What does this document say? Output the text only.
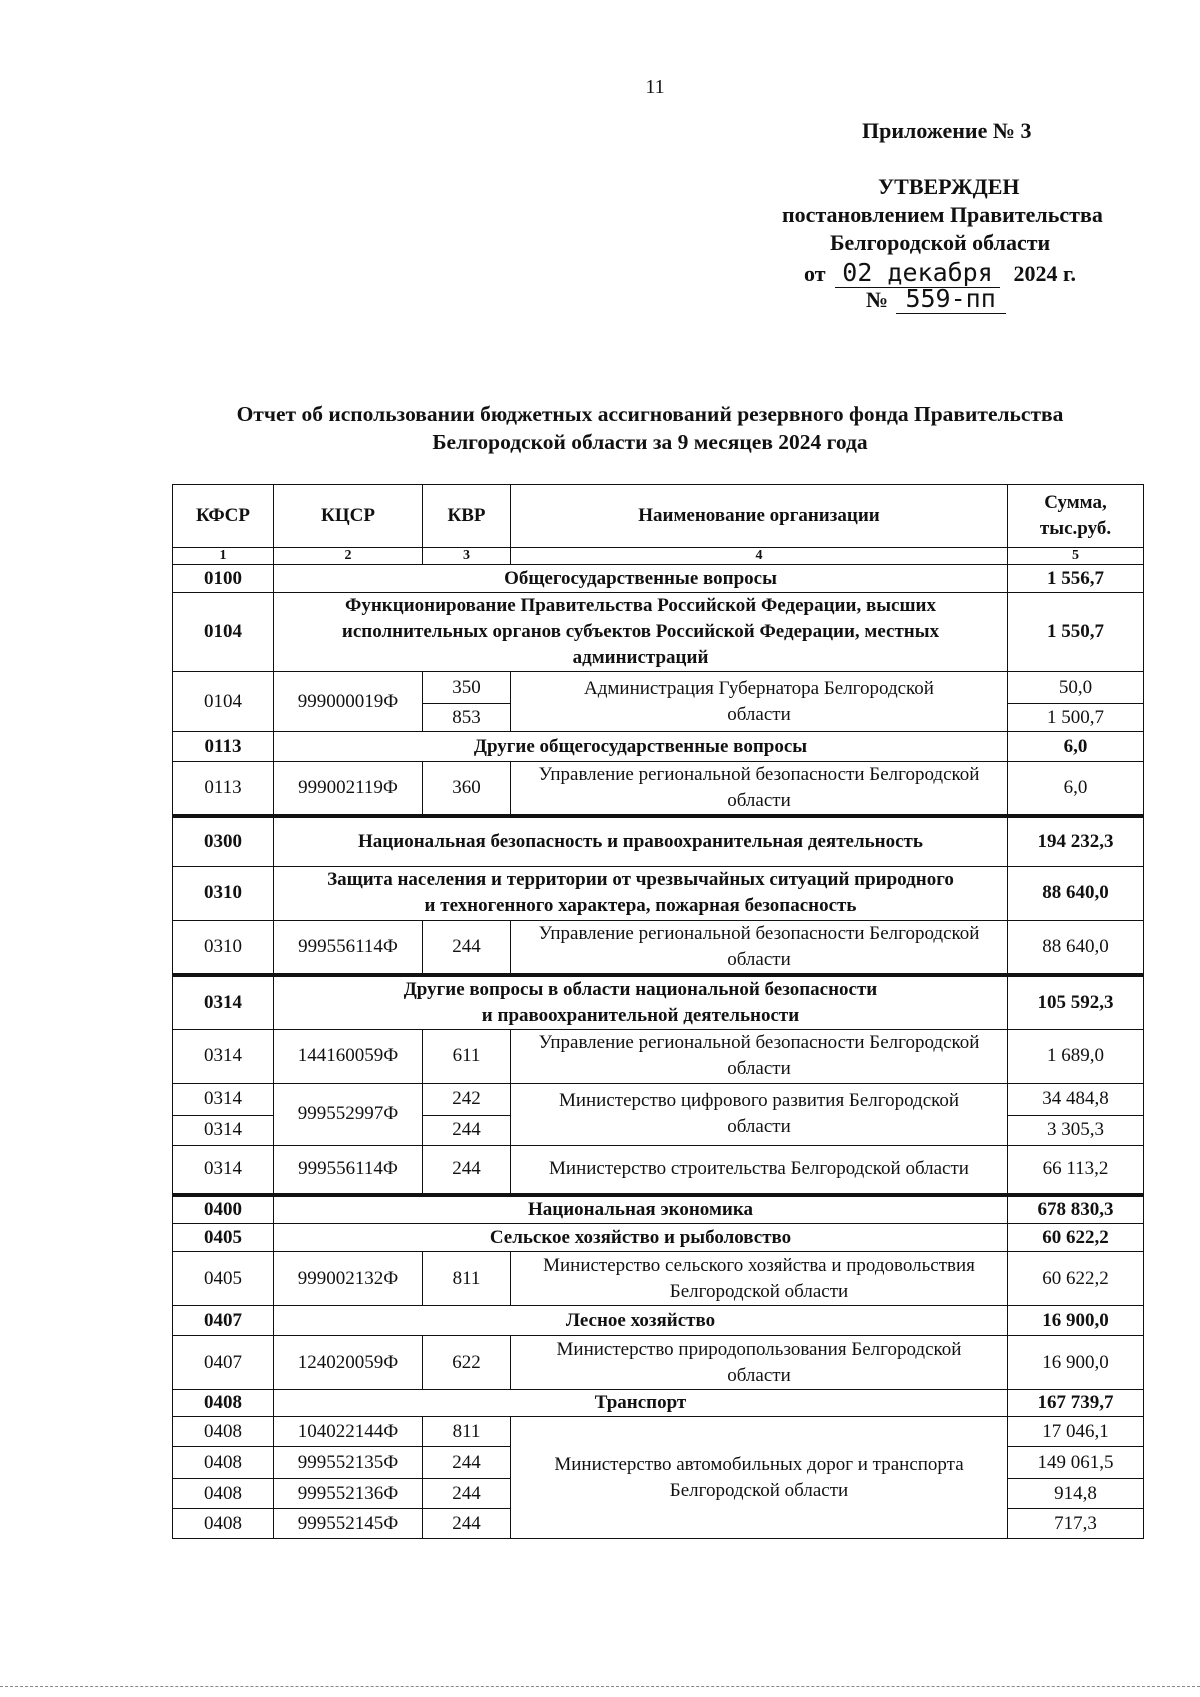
11
Приложение № 3
УТВЕРЖДЕН
постановлением Правительства
Белгородской области
от 02 декабря 2024 г.
№ 559-пп
Отчет об использовании бюджетных ассигнований резервного фонда Правительства
Белгородской области за 9 месяцев 2024 года
КФСР	КЦСР	КВР	Наименование организации	Сумма,
тыс.руб.

1	2	3	4	5
0100	Общегосударственные вопросы			1 556,7
0104	Функционирование Правительства Российской Федерации, высших
исполнительных органов субъектов Российской Федерации, местных
администраций			1 550,7
0104	999000019Ф	350	Администрация Губернатора Белгородской
области	50,0
		853		1 500,7
0113	Другие общегосударственные вопросы			6,0
0113	999002119Ф	360	Управление региональной безопасности Белгородской
области	6,0
0300	Национальная безопасность и правоохранительная деятельность			194 232,3
0310	Защита населения и территории от чрезвычайных ситуаций природного
и техногенного характера, пожарная безопасность			88 640,0
0310	999556114Ф	244	Управление региональной безопасности Белгородской
области	88 640,0
0314	Другие вопросы в области национальной безопасности
и правоохранительной деятельности			105 592,3
0314	144160059Ф	611	Управление региональной безопасности Белгородской
области	1 689,0
0314	999552997Ф	242	Министерство цифрового развития Белгородской
области	34 484,8
0314		244		3 305,3
0314	999556114Ф	244	Министерство строительства Белгородской области	66 113,2
0400	Национальная экономика			678 830,3
0405	Сельское хозяйство и рыболовство			60 622,2
0405	999002132Ф	811	Министерство сельского хозяйства и продовольствия
Белгородской области	60 622,2
0407	Лесное хозяйство			16 900,0
0407	124020059Ф	622	Министерство природопользования Белгородской
области	16 900,0
0408	Транспорт			167 739,7
0408	104022144Ф	811	Министерство автомобильных дорог и транспорта
Белгородской области	17 046,1
0408	999552135Ф	244		149 061,5
0408	999552136Ф	244		914,8
0408	999552145Ф	244		717,3
